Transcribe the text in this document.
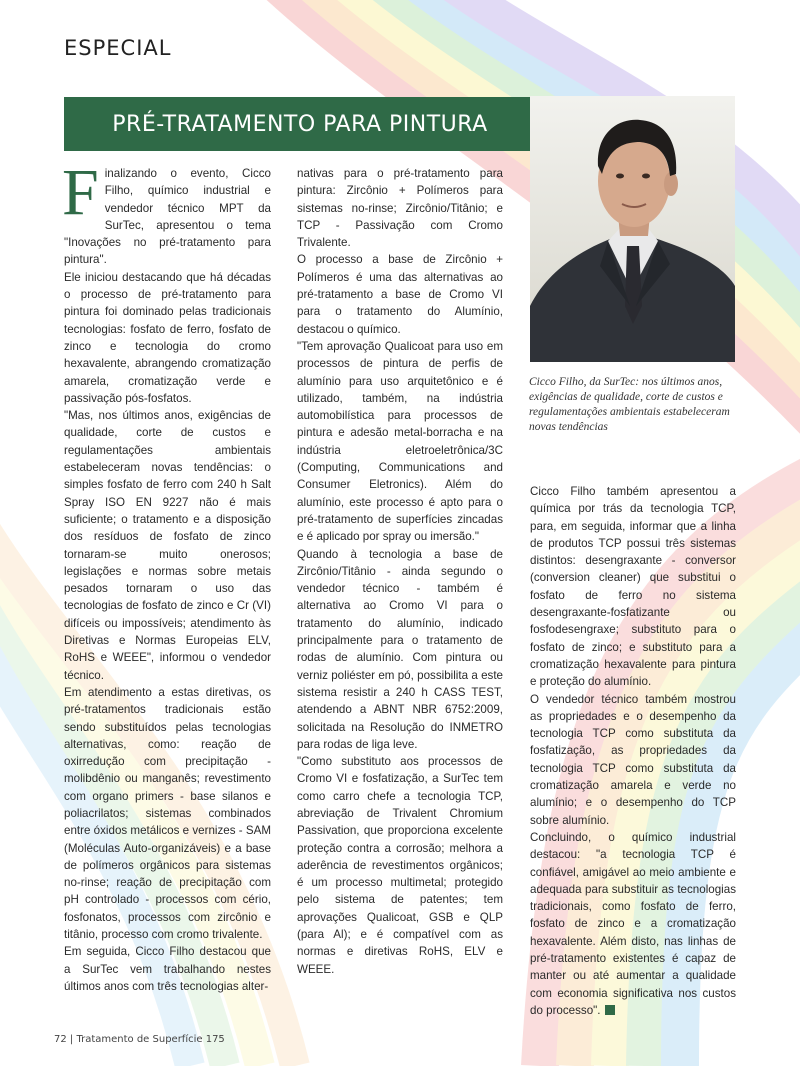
ESPECIAL
PRÉ-TRATAMENTO PARA PINTURA
Cicco Filho, da SurTec: nos últimos anos, exigências de qualidade, corte de custos e regulamentações ambientais estabeleceram novas tendências

Finalizando o evento, Cicco Filho, químico industrial e vendedor técnico MPT da SurTec, apresentou o tema "Inovações no pré-tratamento para pintura".

Ele iniciou destacando que há décadas o processo de pré-tratamento para pintura foi dominado pelas tradicionais tecnologias: fosfato de ferro, fosfato de zinco e tecnologia do cromo hexavalente, abrangendo cromatização amarela, cromatização verde e passivação pós-fosfatos.

"Mas, nos últimos anos, exigências de qualidade, corte de custos e regulamentações ambientais estabeleceram novas tendências: o simples fosfato de ferro com 240 h Salt Spray ISO EN 9227 não é mais suficiente; o tratamento e a disposição dos resíduos de fosfato de zinco tornaram-se muito onerosos; legislações e normas sobre metais pesados tornaram o uso das tecnologias de fosfato de zinco e Cr (VI) difíceis ou impossíveis; atendimento às Diretivas e Normas Europeias ELV, RoHS e WEEE", informou o vendedor técnico.

Em atendimento a estas diretivas, os pré-tratamentos tradicionais estão sendo substituídos pelas tecnologias alternativas, como: reação de oxirredução com precipitação - molibdênio ou manganês; revestimento com organo primers - base silanos e poliacrilatos; sistemas combinados entre óxidos metálicos e vernizes - SAM (Moléculas Auto-organizáveis) e a base de polímeros orgânicos para sistemas no-rinse; reação de precipitação com pH controlado - processos com cério, fosfonatos, processos com zircônio e titânio, processo com cromo trivalente.

Em seguida, Cicco Filho destacou que a SurTec vem trabalhando nestes últimos anos com três tecnologias alter-

nativas para o pré-tratamento para pintura: Zircônio + Polímeros para sistemas no-rinse; Zircônio/Titânio; e TCP - Passivação com Cromo Trivalente.

O processo a base de Zircônio + Polímeros é uma das alternativas ao pré-tratamento a base de Cromo VI para o tratamento do Alumínio, destacou o químico.

"Tem aprovação Qualicoat para uso em processos de pintura de perfis de alumínio para uso arquitetônico e é utilizado, também, na indústria automobilística para processos de pintura e adesão metal-borracha e na indústria eletroeletrônica/3C (Computing, Communications and Consumer Eletronics). Além do alumínio, este processo é apto para o pré-tratamento de superfícies zincadas e é aplicado por spray ou imersão."

Quando à tecnologia a base de Zircônio/Titânio - ainda segundo o vendedor técnico - também é alternativa ao Cromo VI para o tratamento do alumínio, indicado principalmente para o tratamento de rodas de alumínio. Com pintura ou verniz poliéster em pó, possibilita a este sistema resistir a 240 h CASS TEST, atendendo a ABNT NBR 6752:2009, solicitada na Resolução do INMETRO para rodas de liga leve.

"Como substituto aos processos de Cromo VI e fosfatização, a SurTec tem como carro chefe a tecnologia TCP, abreviação de Trivalent Chromium Passivation, que proporciona excelente proteção contra a corrosão; melhora a aderência de revestimentos orgânicos; é um processo multimetal; protegido pelo sistema de patentes; tem aprovações Qualicoat, GSB e QLP (para Al); e é compatível com as normas e diretivas RoHS, ELV e WEEE.

Cicco Filho também apresentou a química por trás da tecnologia TCP, para, em seguida, informar que a linha de produtos TCP possui três sistemas distintos: desengraxante - conversor (conversion cleaner) que substitui o fosfato de ferro no sistema desengraxante-fosfatizante ou fosfodesengraxe; substituto para o fosfato de zinco; e substituto para a cromatização hexavalente para pintura e proteção do alumínio.

O vendedor técnico também mostrou as propriedades e o desempenho da tecnologia TCP como substituta da fosfatização, as propriedades da tecnologia TCP como substituta da cromatização amarela e verde no alumínio; e o desempenho do TCP sobre alumínio.

Concluindo, o químico industrial destacou: "a tecnologia TCP é confiável, amigável ao meio ambiente e adequada para substituir as tecnologias tradicionais, como fosfato de ferro, fosfato de zinco e a cromatização hexavalente. Além disto, nas linhas de pré-tratamento existentes é capaz de manter ou até aumentar a qualidade com economia significativa nos custos do processo".

72 | Tratamento de Superfície 175
